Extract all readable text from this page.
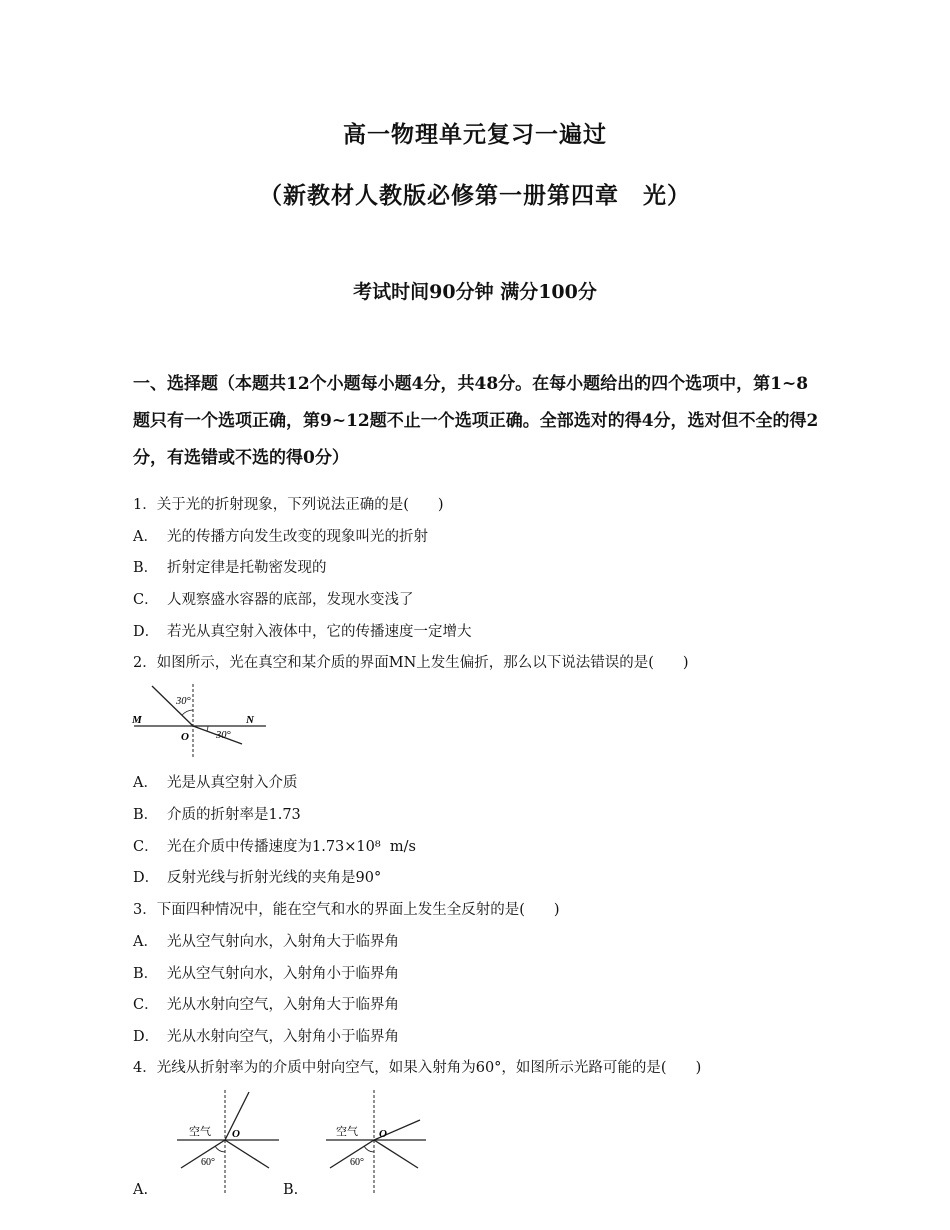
高一物理单元复习一遍过
（新教材人教版必修第一册第四章　光）
考试时间90分钟 满分100分
一、选择题（本题共12个小题每小题4分，共48分。在每小题给出的四个选项中，第1~8题只有一个选项正确，第9~12题不止一个选项正确。全部选对的得4分，选对但不全的得2分，有选错或不选的得0分）
1．关于光的折射现象，下列说法正确的是(　　)
A． 光的传播方向发生改变的现象叫光的折射
B． 折射定律是托勒密发现的
C． 人观察盛水容器的底部，发现水变浅了
D． 若光从真空射入液体中，它的传播速度一定增大
2．如图所示，光在真空和某介质的界面MN上发生偏折，那么以下说法错误的是(　　)
30°
30°
M	N
O
A． 光是从真空射入介质
B． 介质的折射率是1.73
C． 光在介质中传播速度为1.73×10⁸  m/s
D． 反射光线与折射光线的夹角是90°
3．下面四种情况中，能在空气和水的界面上发生全反射的是(　　)
A． 光从空气射向水，入射角大于临界角
B． 光从空气射向水，入射角小于临界角
C． 光从水射向空气，入射角大于临界角
D． 光从水射向空气，入射角小于临界角
4．光线从折射率为的介质中射向空气，如果入射角为60°，如图所示光路可能的是(　　)
空气 O
60°
A.
空气 O
60°
B.
